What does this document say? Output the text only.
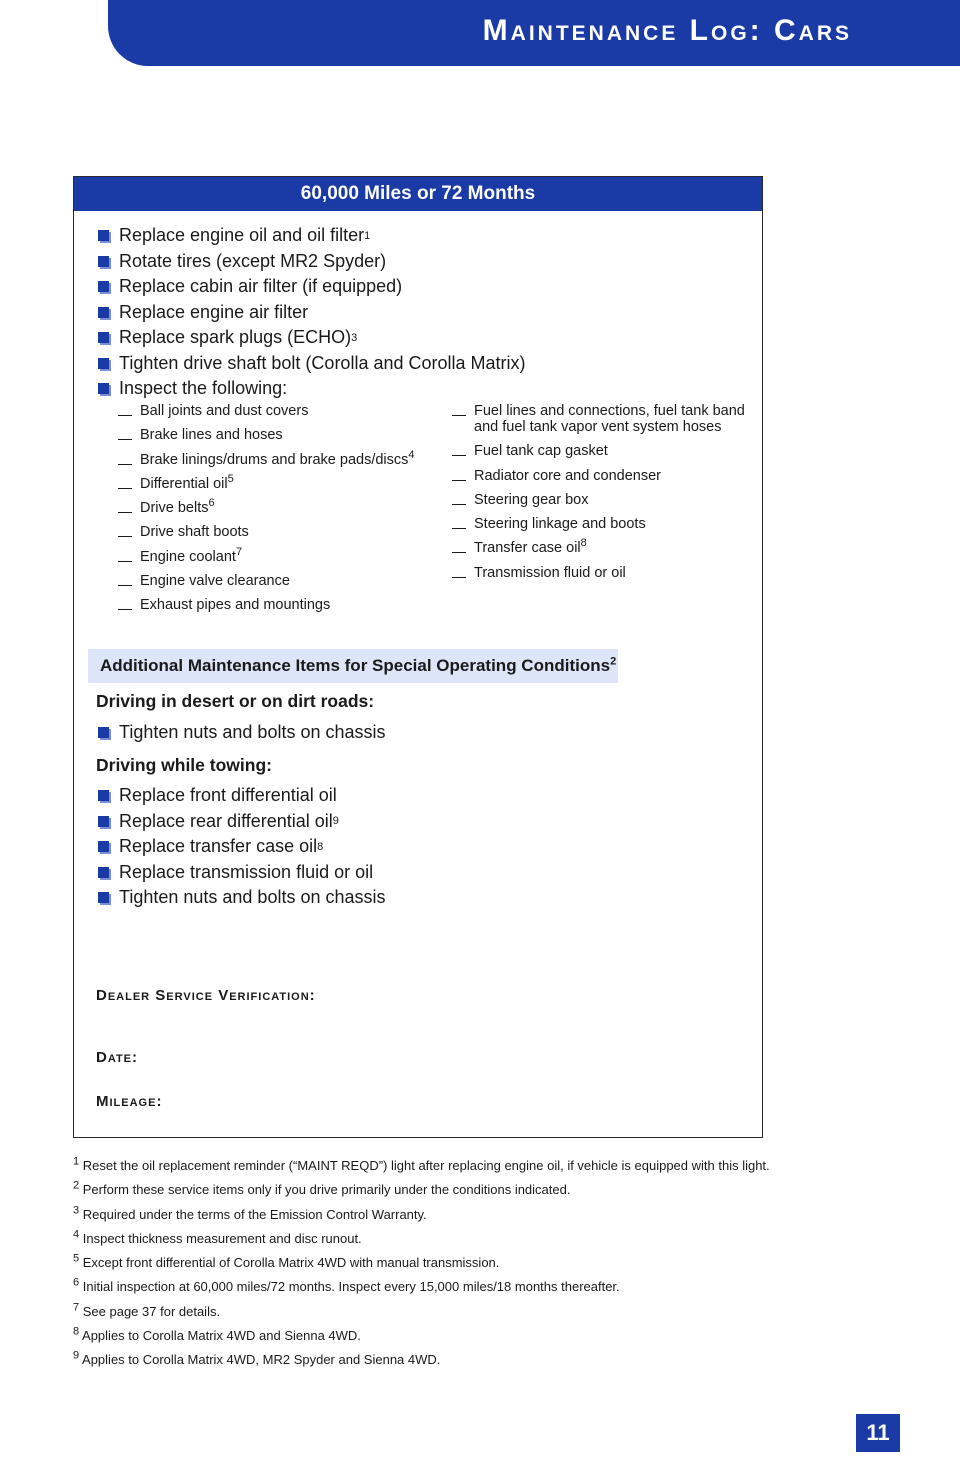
Maintenance Log: Cars
60,000 Miles or 72 Months
Replace engine oil and oil filter 1
Rotate tires (except MR2 Spyder)
Replace cabin air filter (if equipped)
Replace engine air filter
Replace spark plugs (ECHO) 3
Tighten drive shaft bolt (Corolla and Corolla Matrix)
Inspect the following:
Ball joints and dust covers
Brake lines and hoses
Brake linings/drums and brake pads/discs$^4$
Differential oil$^5$
Drive belts$^6$
Drive shaft boots
Engine coolant$^7$
Engine valve clearance
Exhaust pipes and mountings
Fuel lines and connections, fuel tank band and fuel tank vapor vent system hoses
Fuel tank cap gasket
Radiator core and condenser
Steering gear box
Steering linkage and boots
Transfer case oil$^8$
Transmission fluid or oil
Additional Maintenance Items for Special Operating Conditions$^2$
Driving in desert or on dirt roads:
Tighten nuts and bolts on chassis
Driving while towing:
Replace front differential oil
Replace rear differential oil 9
Replace transfer case oil 8
Replace transmission fluid or oil
Tighten nuts and bolts on chassis
Dealer Service Verification:
Date:
Mileage:
$^1$ Reset the oil replacement reminder (“MAINT REQD”) light after replacing engine oil, if vehicle is equipped with this light.
$^2$ Perform these service items only if you drive primarily under the conditions indicated.
$^3$ Required under the terms of the Emission Control Warranty.
$^4$ Inspect thickness measurement and disc runout.
$^5$ Except front differential of Corolla Matrix 4WD with manual transmission.
$^6$ Initial inspection at 60,000 miles/72 months. Inspect every 15,000 miles/18 months thereafter.
$^7$ See page 37 for details.
$^8$ Applies to Corolla Matrix 4WD and Sienna 4WD.
$^9$ Applies to Corolla Matrix 4WD, MR2 Spyder and Sienna 4WD.
11
